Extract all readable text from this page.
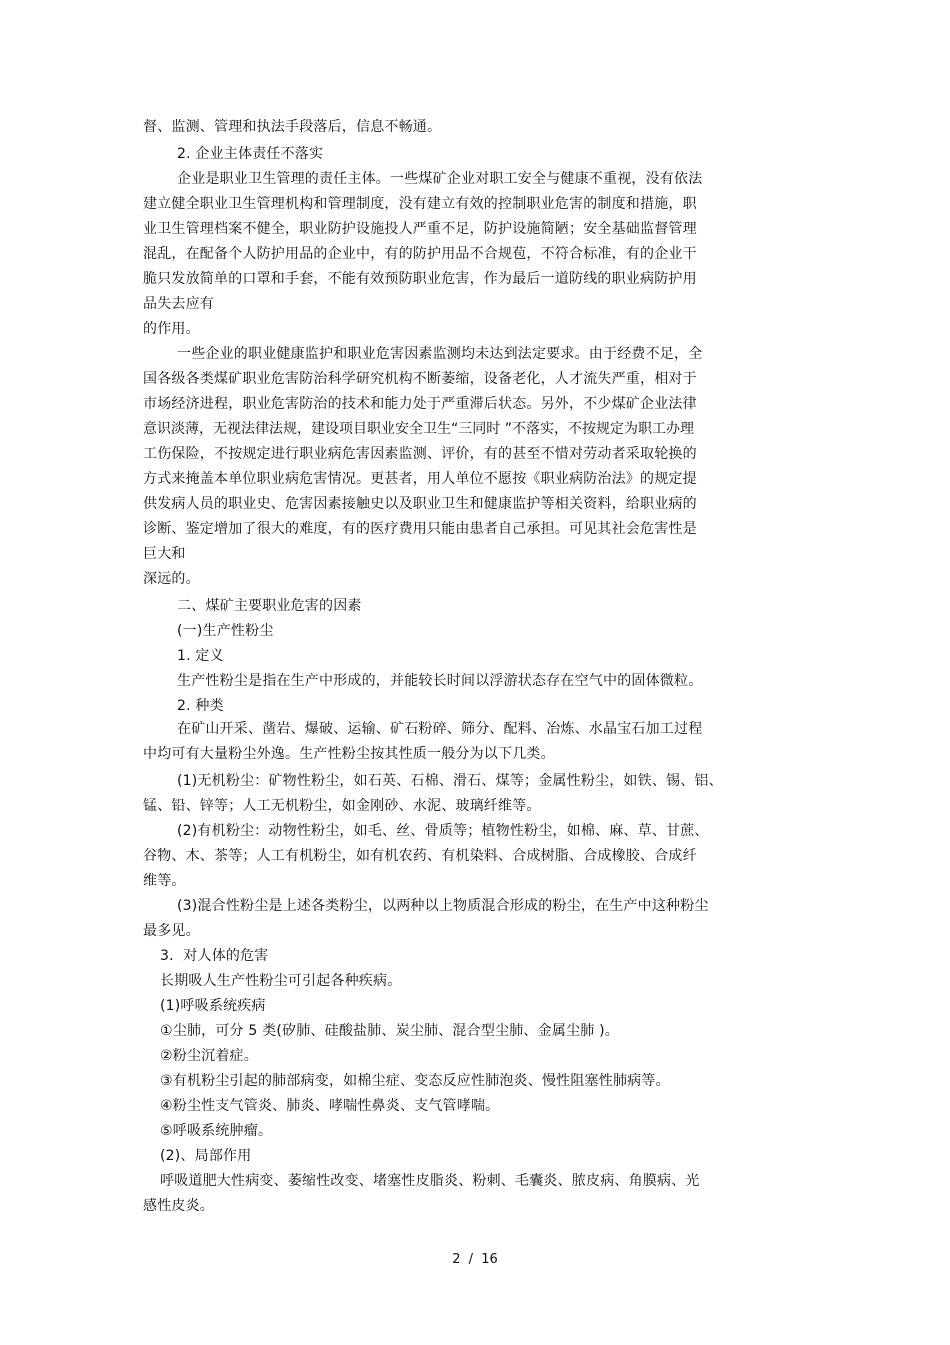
督、监测、管理和执法手段落后，信息不畅通。
2. 企业主体责任不落实
企业是职业卫生管理的责任主体。一些煤矿企业对职工安全与健康不重视，没有依法
建立健全职业卫生管理机构和管理制度，没有建立有效的控制职业危害的制度和措施，职
业卫生管理档案不健全，职业防护设施投人严重不足，防护设施简陋；安全基础监督管理
混乱，在配备个人防护用品的企业中，有的防护用品不合规苞，不符合标准，有的企业干
脆只发放简单的口罩和手套，不能有效预防职业危害，作为最后一道防线的职业病防护用
品失去应有
的作用。
一些企业的职业健康监护和职业危害因素监测均未达到法定要求。由于经费不足，全
国各级各类煤矿职业危害防治科学研究机构不断萎缩，设备老化，人才流失严重，相对于
市场经济进程，职业危害防治的技术和能力处于严重滞后状态。另外，不少煤矿企业法律
意识淡薄，无视法律法规，建设项目职业安全卫生“三同时 ”不落实，不按规定为职工办理
工伤保险，不按规定进行职业病危害因素监测、评价，有的甚至不惜对劳动者采取轮换的
方式来掩盖本单位职业病危害情况。更甚者，用人单位不愿按《职业病防治法》的规定提
供发病人员的职业史、危害因素接触史以及职业卫生和健康监护等相关资料，给职业病的
诊断、鉴定增加了很大的难度，有的医疗费用只能由患者自己承担。可见其社会危害性是
巨大和
深远的。
二、煤矿主要职业危害的因素
(一)生产性粉尘
1. 定义
生产性粉尘是指在生产中形成的，并能较长时间以浮游状态存在空气中的固体微粒。
2. 种类
在矿山开采、凿岩、爆破、运输、矿石粉碎、筛分、配料、冶炼、水晶宝石加工过程
中均可有大量粉尘外逸。生产性粉尘按其性质一般分为以下几类。
(1)无机粉尘：矿物性粉尘，如石英、石棉、滑石、煤等；金属性粉尘，如铁、锡、铝、
锰、铅、锌等；人工无机粉尘，如金刚砂、水泥、玻璃纤维等。
(2)有机粉尘：动物性粉尘，如毛、丝、骨质等；植物性粉尘，如棉、麻、草、甘蔗、
谷物、木、茶等；人工有机粉尘，如有机农药、有机染料、合成树脂、合成橡胶、合成纤
维等。
(3)混合性粉尘是上述各类粉尘，以两种以上物质混合形成的粉尘，在生产中这种粉尘
最多见。
3．对人体的危害
长期吸人生产性粉尘可引起各种疾病。
(1)呼吸系统疾病
①尘肺，可分 5 类(矽肺、硅酸盐肺、炭尘肺、混合型尘肺、金属尘肺 )。
②粉尘沉着症。
③有机粉尘引起的肺部病变，如棉尘症、变态反应性肺泡炎、慢性阻塞性肺病等。
④粉尘性支气管炎、肺炎、哮喘性鼻炎、支气管哮喘。
⑤呼吸系统肿瘤。
(2)、局部作用
呼吸道肥大性病变、萎缩性改变、堵塞性皮脂炎、粉刺、毛囊炎、脓皮病、角膜病、光
感性皮炎。
2 / 16
